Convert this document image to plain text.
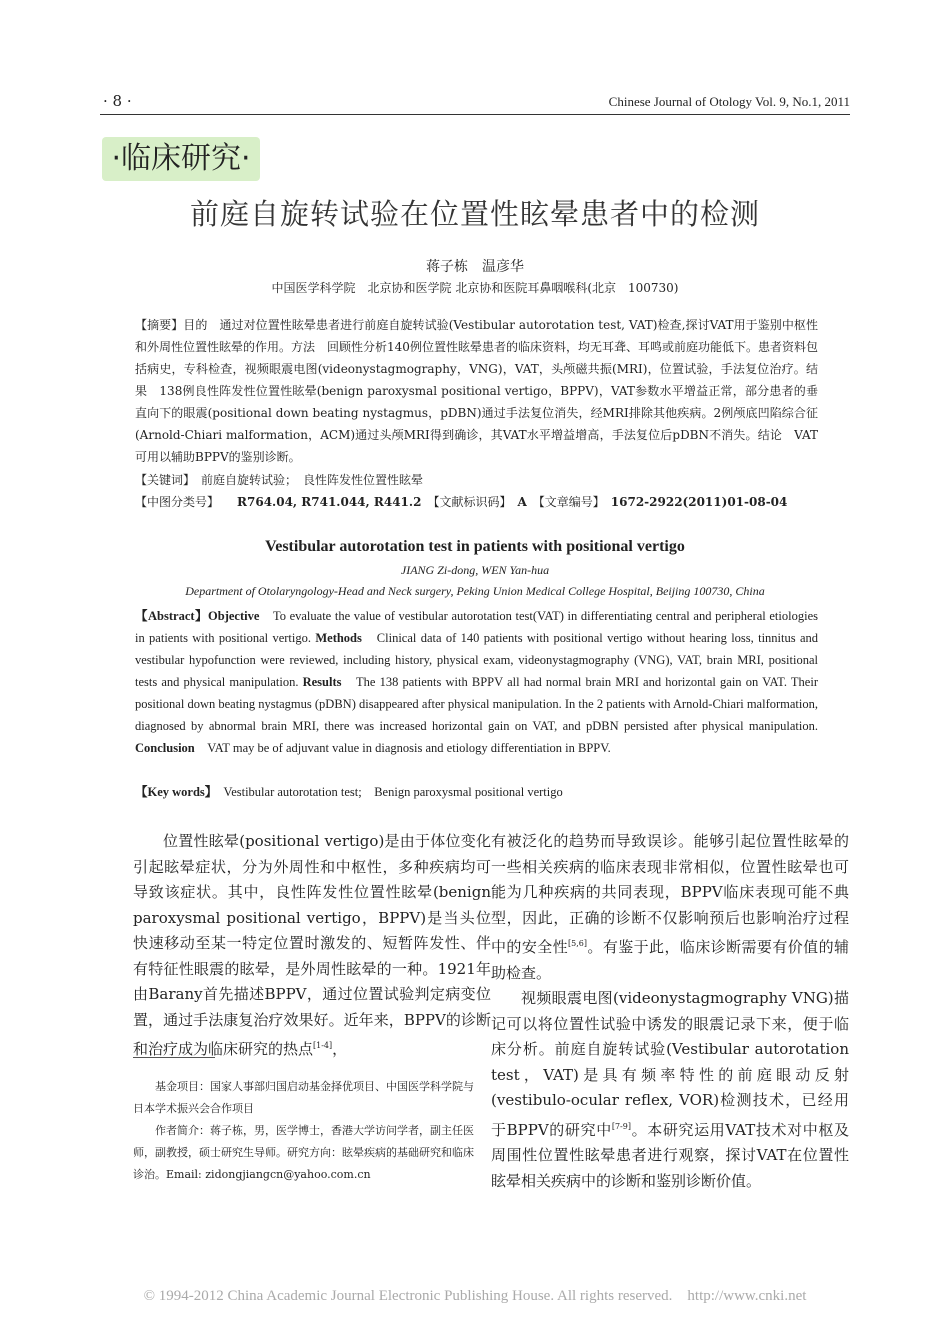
· 8 ·	Chinese Journal of Otology Vol. 9, No.1, 2011
·临床研究·
前庭自旋转试验在位置性眩晕患者中的检测
蒋子栋　温彦华
中国医学科学院　北京协和医学院 北京协和医院耳鼻咽喉科(北京　100730)
【摘要】目的　通过对位置性眩晕患者进行前庭自旋转试验(Vestibular autorotation test, VAT)检查,探讨VAT用于鉴别中枢性和外周性位置性眩晕的作用。方法　回顾性分析140例位置性眩晕患者的临床资料，均无耳聋、耳鸣或前庭功能低下。患者资料包括病史，专科检查，视频眼震电图(videonystagmography，VNG)，VAT，头颅磁共振(MRI)，位置试验，手法复位治疗。结果　138例良性阵发性位置性眩晕(benign paroxysmal positional vertigo，BPPV)，VAT参数水平增益正常，部分患者的垂直向下的眼震(positional down beating nystagmus，pDBN)通过手法复位消失，经MRI排除其他疾病。2例颅底凹陷综合征(Arnold-Chiari malformation，ACM)通过头颅MRI得到确诊，其VAT水平增益增高，手法复位后pDBN不消失。结论　VAT可用以辅助BPPV的鉴别诊断。
【关键词】　前庭自旋转试验；　良性阵发性位置性眩晕
【中图分类号】　　R764.04, R741.044, R441.2　【文献标识码】　A　【文章编号】　1672-2922(2011)01-08-04
Vestibular autorotation test in patients with positional vertigo
JIANG Zi-dong, WEN Yan-hua
Department of Otolaryngology-Head and Neck surgery, Peking Union Medical College Hospital, Beijing 100730, China
【Abstract】Objective　To evaluate the value of vestibular autorotation test(VAT) in differentiating central and peripheral etiologies in patients with positional vertigo. Methods　Clinical data of 140 patients with positional vertigo without hearing loss, tinnitus and vestibular hypofunction were reviewed, including history, physical exam, videonystagmography (VNG), VAT, brain MRI, positional tests and physical manipulation. Results　The 138 patients with BPPV all had normal brain MRI and horizontal gain on VAT. Their positional down beating nystagmus (pDBN) disappeared after physical manipulation. In the 2 patients with Arnold-Chiari malformation, diagnosed by abnormal brain MRI, there was increased horizontal gain on VAT, and pDBN persisted after physical manipulation. Conclusion　VAT may be of adjuvant value in diagnosis and etiology differentiation in BPPV.
【Key words】　Vestibular autorotation test;　Benign paroxysmal positional vertigo

位置性眩晕(positional vertigo)是由于体位变化引起眩晕症状，分为外周性和中枢性，多种疾病均可导致该症状。其中，良性阵发性位置性眩晕(benign paroxysmal positional vertigo，BPPV)是当头位快速移动至某一特定位置时激发的、短暂阵发性、伴有特征性眼震的眩晕，是外周性眩晕的一种。1921年由Barany首先描述BPPV，通过位置试验判定病变位置，通过手法康复治疗效果好。近年来，BPPV的诊断和治疗成为临床研究的热点[1-4]，

基金项目：国家人事部归国启动基金择优项目、中国医学科学院与日本学术振兴会合作项目
作者简介：蒋子栋，男，医学博士，香港大学访问学者，副主任医师，副教授，硕士研究生导师。研究方向：眩晕疾病的基础研究和临床诊治。Email: zidongjiangcn@yahoo.com.cn

有被泛化的趋势而导致误诊。能够引起位置性眩晕的一些相关疾病的临床表现非常相似，位置性眩晕也可能为几种疾病的共同表现，BPPV临床表现可能不典型，因此，正确的诊断不仅影响预后也影响治疗过程中的安全性[5,6]。有鉴于此，临床诊断需要有价值的辅助检查。

视频眼震电图(videonystagmography VNG)描记可以将位置性试验中诱发的眼震记录下来，便于临床分析。前庭自旋转试验(Vestibular autorotation test，VAT)是具有频率特性的前庭眼动反射(vestibulo-ocular reflex, VOR)检测技术，已经用于BPPV的研究中[7-9]。本研究运用VAT技术对中枢及周围性位置性眩晕患者进行观察，探讨VAT在位置性眩晕相关疾病中的诊断和鉴别诊断价值。

© 1994-2012 China Academic Journal Electronic Publishing House. All rights reserved.    http://www.cnki.net
